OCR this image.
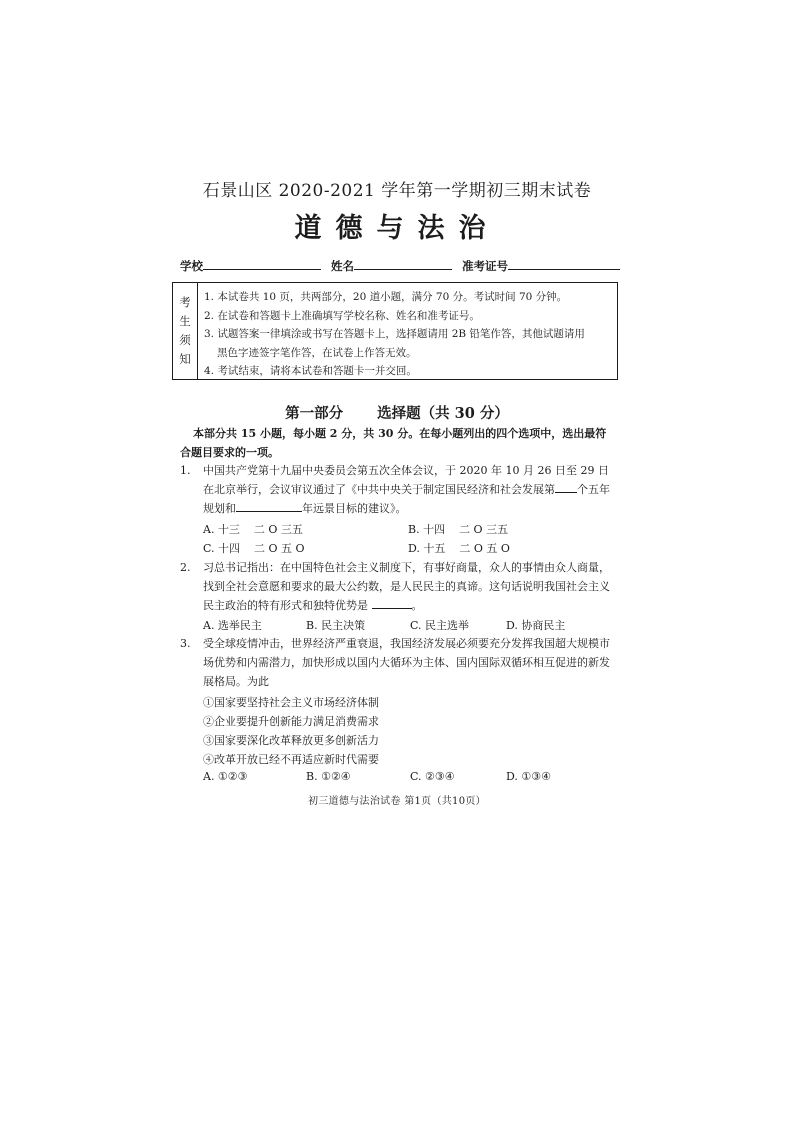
石景山区 2020-2021 学年第一学期初三期末试卷
道德与法治
学校	姓名	准考证号
考
生
须
知
1. 本试卷共 10 页，共两部分，20 道小题，满分 70 分。考试时间 70 分钟。
2. 在试卷和答题卡上准确填写学校名称、姓名和准考证号。
3. 试题答案一律填涂或书写在答题卡上，选择题请用 2B 铅笔作答，其他试题请用
黑色字迹签字笔作答，在试卷上作答无效。
4. 考试结束，请将本试卷和答题卡一并交回。
第一部分 选择题（共 30 分）
本部分共 15 小题，每小题 2 分，共 30 分。在每小题列出的四个选项中，选出最符合题目要求的一项。
1.	中国共产党第十九届中央委员会第五次全体会议，于 2020 年 10 月 26 日至 29 日在北京举行，会议审议通过了《中共中央关于制定国民经济和社会发展第 个五年规划和	年远景目标的建议》。
A. 十三    二 O 三五	B. 十四    二 O 三五
C. 十四    二 O 五 O	D. 十五    二 O 五 O
2.	习总书记指出：在中国特色社会主义制度下，有事好商量，众人的事情由众人商量，找到全社会意愿和要求的最大公约数，是人民民主的真谛。这句话说明我国社会主义民主政治的特有形式和独特优势是	。
A. 选举民主	B. 民主决策	C. 民主选举	D. 协商民主
3.	受全球疫情冲击，世界经济严重衰退，我国经济发展必须要充分发挥我国超大规模市场优势和内需潜力，加快形成以国内大循环为主体、国内国际双循环相互促进的新发展格局。为此
①国家要坚持社会主义市场经济体制
②企业要提升创新能力满足消费需求
③国家要深化改革释放更多创新活力
④改革开放已经不再适应新时代需要
A. ①②③	B. ①②④	C. ②③④	D. ①③④
初三道德与法治试卷 第1页（共10页）
